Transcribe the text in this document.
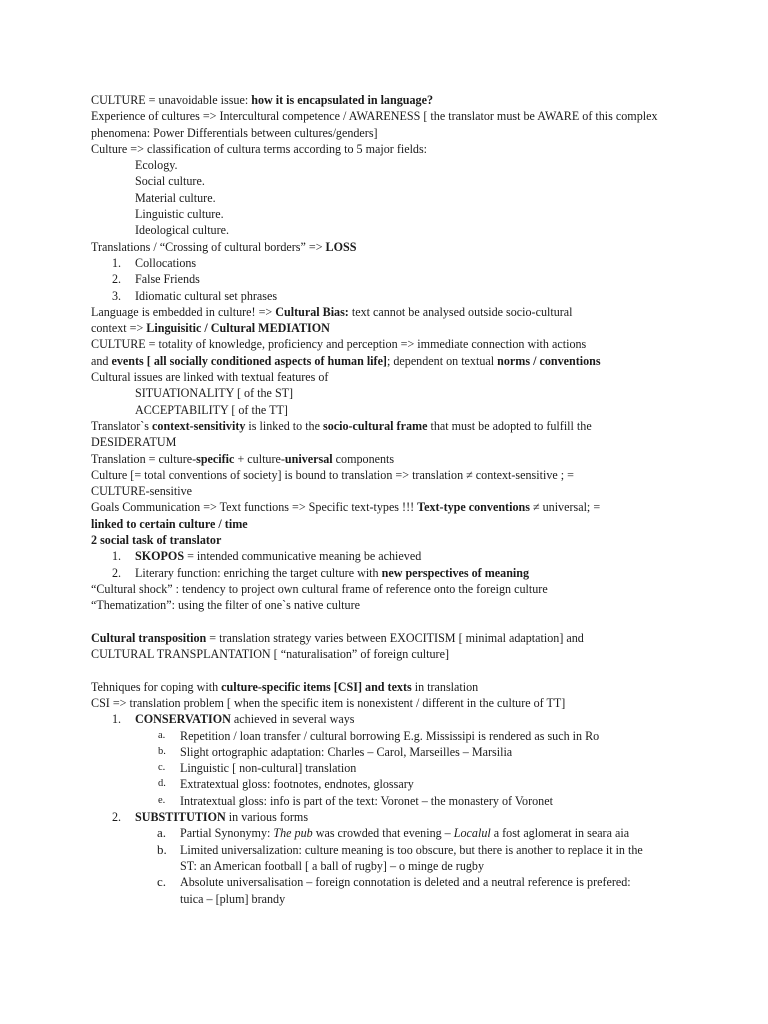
CULTURE = unavoidable issue: how it is encapsulated in language?

Experience of cultures => Intercultural competence / AWARENESS [ the translator must be AWARE of this complex phenomena: Power Differentials between cultures/genders]

Culture => classification of cultura terms according to 5 major fields:

Ecology.

Social culture.

Material culture.

Linguistic culture.

Ideological culture.

Translations / “Crossing of cultural borders” => LOSS

1.	Collocations
2.	False Friends
3.	Idiomatic cultural set phrases

Language is embedded in culture! => Cultural Bias: text cannot be analysed outside socio-cultural

context => Linguisitic / Cultural MEDIATION

CULTURE = totality of knowledge, proficiency and perception => immediate connection with actions

and events [ all socially conditioned aspects of human life]; dependent on textual norms / conventions

Cultural issues are linked with textual features of

SITUATIONALITY [ of the ST]

ACCEPTABILITY [ of the TT]

Translator`s context-sensitivity is linked to the socio-cultural frame that must be adopted to fulfill the

DESIDERATUM

Translation = culture-specific + culture-universal components

Culture [= total conventions of society] is bound to translation => translation ≠ context-sensitive ; =

CULTURE-sensitive

Goals Communication => Text functions => Specific text-types !!! Text-type conventions ≠ universal; =

linked to certain culture / time

2 social task of translator

1.	SKOPOS = intended communicative meaning be achieved
2.	Literary function: enriching the target culture with new perspectives of meaning

“Cultural shock” : tendency to project own cultural frame of reference onto the foreign culture

“Thematization”: using the filter of one`s native culture

Cultural transposition = translation strategy varies between EXOCITISM [ minimal adaptation] and

CULTURAL TRANSPLANTATION [ “naturalisation” of foreign culture]

Tehniques for coping with culture-specific items [CSI] and texts in translation

CSI => translation problem [ when the specific item is nonexistent / different in the culture of TT]

1.	CONSERVATION achieved in several ways
a.	Repetition / loan transfer / cultural borrowing E.g. Mississipi is rendered as such in Ro
b.	Slight ortographic adaptation: Charles – Carol, Marseilles – Marsilia
c.	Linguistic [ non-cultural] translation
d.	Extratextual gloss: footnotes, endnotes, glossary
e.	Intratextual gloss: info is part of the text: Voronet – the monastery of Voronet
2.	SUBSTITUTION in various forms
a.	Partial Synonymy: The pub was crowded that evening – Localul a fost aglomerat in seara aia
b.	Limited universalization: culture meaning is too obscure, but there is another to replace it in the ST: an American football [ a ball of rugby] – o minge de rugby
c.	Absolute universalisation – foreign connotation is deleted and a neutral reference is prefered: tuica – [plum] brandy
